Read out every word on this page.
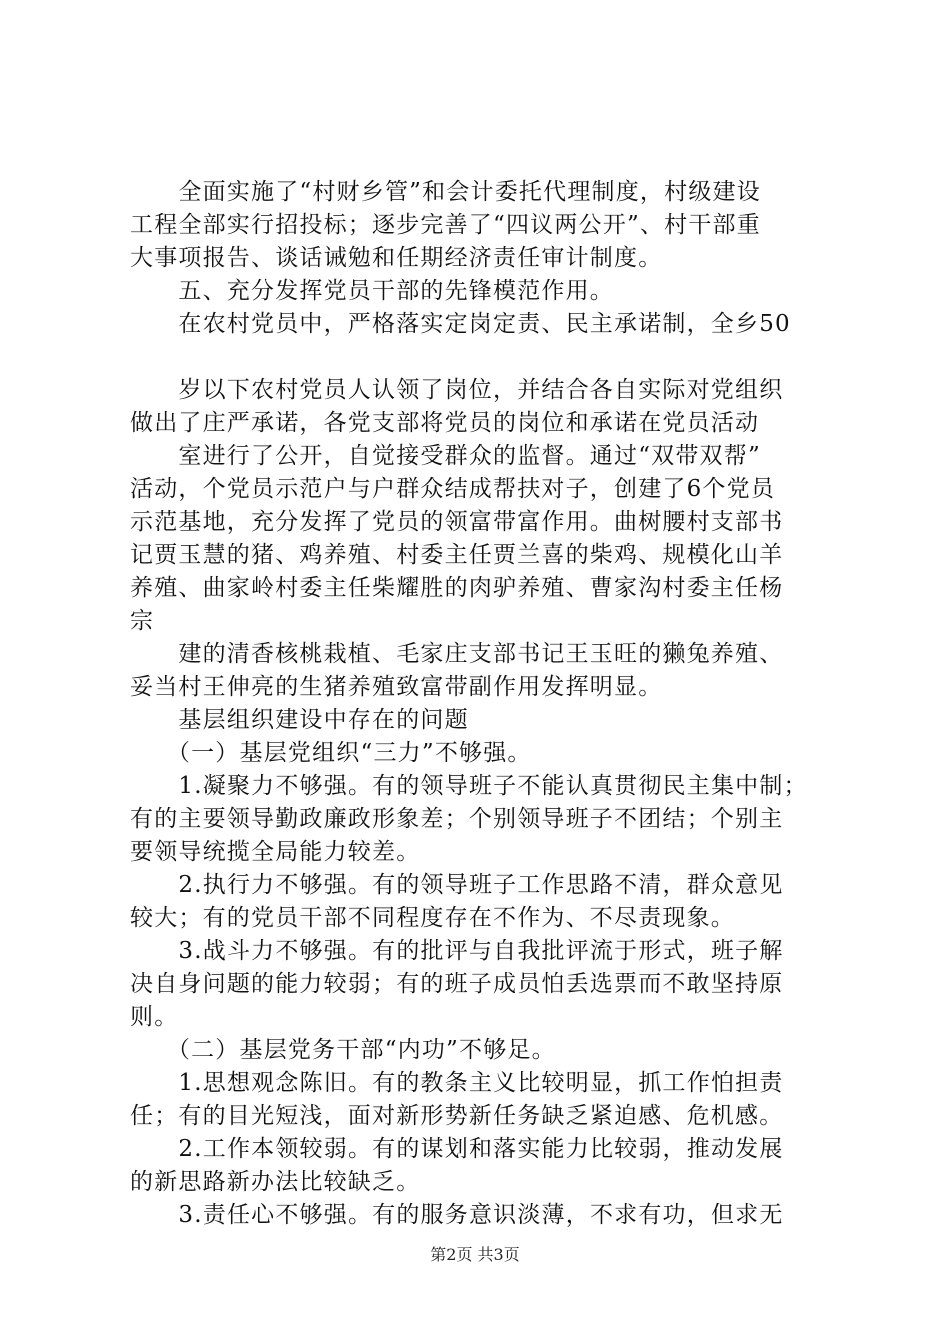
　　全面实施了“村财乡管”和会计委托代理制度，村级建设
工程全部实行招投标；逐步完善了“四议两公开”、村干部重
大事项报告、谈话诫勉和任期经济责任审计制度。
　　五、充分发挥党员干部的先锋模范作用。
　　在农村党员中，严格落实定岗定责、民主承诺制，全乡50
　　岁以下农村党员人认领了岗位，并结合各自实际对党组织
做出了庄严承诺，各党支部将党员的岗位和承诺在党员活动
　　室进行了公开，自觉接受群众的监督。通过“双带双帮”
活动，个党员示范户与户群众结成帮扶对子，创建了6个党员
示范基地，充分发挥了党员的领富带富作用。曲树腰村支部书
记贾玉慧的猪、鸡养殖、村委主任贾兰喜的柴鸡、规模化山羊
养殖、曲家岭村委主任柴耀胜的肉驴养殖、曹家沟村委主任杨
宗
　　建的清香核桃栽植、毛家庄支部书记王玉旺的獭兔养殖、
妥当村王伸亮的生猪养殖致富带副作用发挥明显。
　　基层组织建设中存在的问题
　　（一）基层党组织“三力”不够强。
　　1.凝聚力不够强。有的领导班子不能认真贯彻民主集中制；
有的主要领导勤政廉政形象差；个别领导班子不团结；个别主
要领导统揽全局能力较差。
　　2.执行力不够强。有的领导班子工作思路不清，群众意见
较大；有的党员干部不同程度存在不作为、不尽责现象。
　　3.战斗力不够强。有的批评与自我批评流于形式，班子解
决自身问题的能力较弱；有的班子成员怕丢选票而不敢坚持原
则。
　　（二）基层党务干部“内功”不够足。
　　1.思想观念陈旧。有的教条主义比较明显，抓工作怕担责
任；有的目光短浅，面对新形势新任务缺乏紧迫感、危机感。
　　2.工作本领较弱。有的谋划和落实能力比较弱，推动发展
的新思路新办法比较缺乏。
　　3.责任心不够强。有的服务意识淡薄，不求有功，但求无
第2页 共3页
